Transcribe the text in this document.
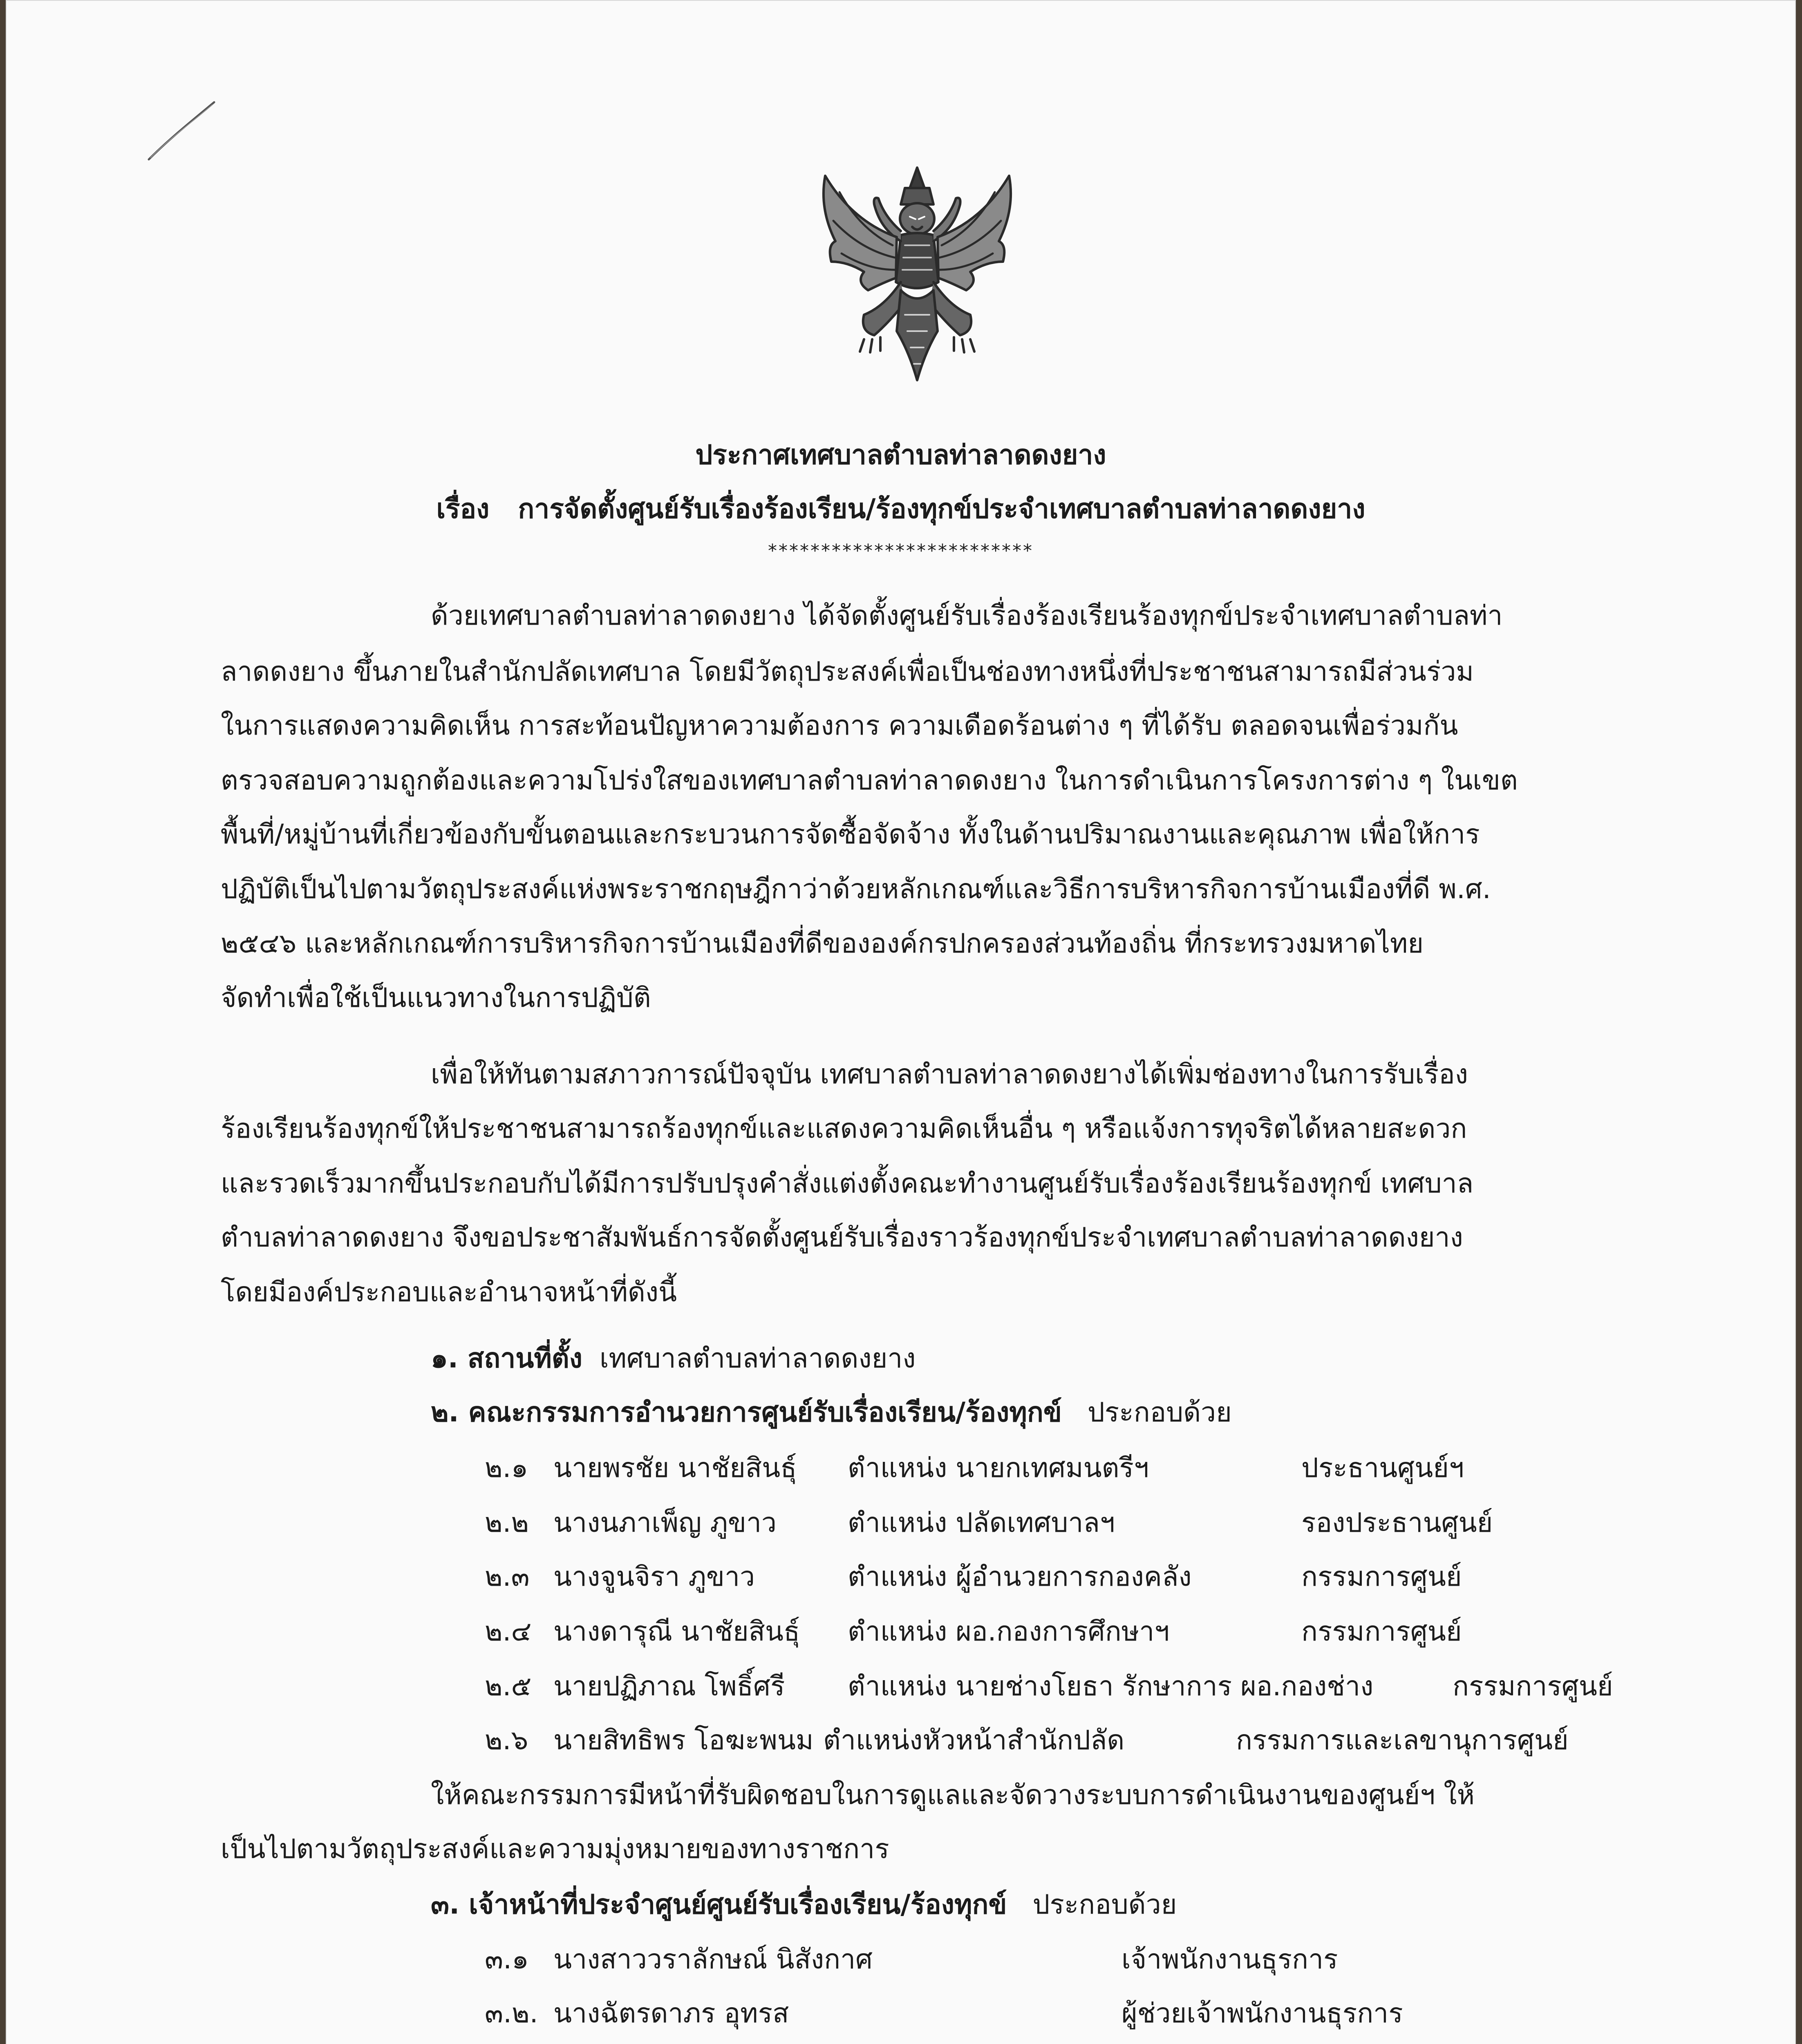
ประกาศเทศบาลตำบลท่าลาดดงยาง
เรื่อง การจัดตั้งศูนย์รับเรื่องร้องเรียน/ร้องทุกข์ประจำเทศบาลตำบลท่าลาดดงยาง
*************************
ด้วยเทศบาลตำบลท่าลาดดงยาง ได้จัดตั้งศูนย์รับเรื่องร้องเรียนร้องทุกข์ประจำเทศบาลตำบลท่า
ลาดดงยาง ขึ้นภายในสำนักปลัดเทศบาล โดยมีวัตถุประสงค์เพื่อเป็นช่องทางหนึ่งที่ประชาชนสามารถมีส่วนร่วม
ในการแสดงความคิดเห็น การสะท้อนปัญหาความต้องการ ความเดือดร้อนต่าง ๆ ที่ได้รับ ตลอดจนเพื่อร่วมกัน
ตรวจสอบความถูกต้องและความโปร่งใสของเทศบาลตำบลท่าลาดดงยาง ในการดำเนินการโครงการต่าง ๆ ในเขต
พื้นที่/หมู่บ้านที่เกี่ยวข้องกับขั้นตอนและกระบวนการจัดซื้อจัดจ้าง ทั้งในด้านปริมาณงานและคุณภาพ เพื่อให้การ
ปฏิบัติเป็นไปตามวัตถุประสงค์แห่งพระราชกฤษฎีกาว่าด้วยหลักเกณฑ์และวิธีการบริหารกิจการบ้านเมืองที่ดี พ.ศ.
๒๕๔๖ และหลักเกณฑ์การบริหารกิจการบ้านเมืองที่ดีขององค์กรปกครองส่วนท้องถิ่น ที่กระทรวงมหาดไทย
จัดทำเพื่อใช้เป็นแนวทางในการปฏิบัติ
เพื่อให้ทันตามสภาวการณ์ปัจจุบัน เทศบาลตำบลท่าลาดดงยางได้เพิ่มช่องทางในการรับเรื่อง
ร้องเรียนร้องทุกข์ให้ประชาชนสามารถร้องทุกข์และแสดงความคิดเห็นอื่น ๆ หรือแจ้งการทุจริตได้หลายสะดวก
และรวดเร็วมากขึ้นประกอบกับได้มีการปรับปรุงคำสั่งแต่งตั้งคณะทำงานศูนย์รับเรื่องร้องเรียนร้องทุกข์ เทศบาล
ตำบลท่าลาดดงยาง จึงขอประชาสัมพันธ์การจัดตั้งศูนย์รับเรื่องราวร้องทุกข์ประจำเทศบาลตำบลท่าลาดดงยาง
โดยมีองค์ประกอบและอำนาจหน้าที่ดังนี้
๑. สถานที่ตั้ง เทศบาลตำบลท่าลาดดงยาง
๒. คณะกรรมการอำนวยการศูนย์รับเรื่องเรียน/ร้องทุกข์ ประกอบด้วย
๒.๑ นายพรชัย นาชัยสินธุ์ ตำแหน่ง นายกเทศมนตรีฯ	ประธานศูนย์ฯ
๒.๒ นางนภาเพ็ญ ภูขาว	ตำแหน่ง ปลัดเทศบาลฯ	รองประธานศูนย์
๒.๓ นางจูนจิรา ภูขาว	ตำแหน่ง ผู้อำนวยการกองคลัง	กรรมการศูนย์
๒.๔ นางดารุณี นาชัยสินธุ์ ตำแหน่ง ผอ.กองการศึกษาฯ	กรรมการศูนย์
๒.๕ นายปฏิภาณ โพธิ์ศรี ตำแหน่ง นายช่างโยธา รักษาการ ผอ.กองช่าง	กรรมการศูนย์
๒.๖ นายสิทธิพร โอฆะพนม ตำแหน่งหัวหน้าสำนักปลัด	กรรมการและเลขานุการศูนย์
ให้คณะกรรมการมีหน้าที่รับผิดชอบในการดูแลและจัดวางระบบการดำเนินงานของศูนย์ฯ ให้
เป็นไปตามวัตถุประสงค์และความมุ่งหมายของทางราชการ
๓. เจ้าหน้าที่ประจำศูนย์ศูนย์รับเรื่องเรียน/ร้องทุกข์ ประกอบด้วย
๓.๑ นางสาววราลักษณ์ นิสังกาศ	เจ้าพนักงานธุรการ
๓.๒. นางฉัตรดาภร อุทรส	ผู้ช่วยเจ้าพนักงานธุรการ
